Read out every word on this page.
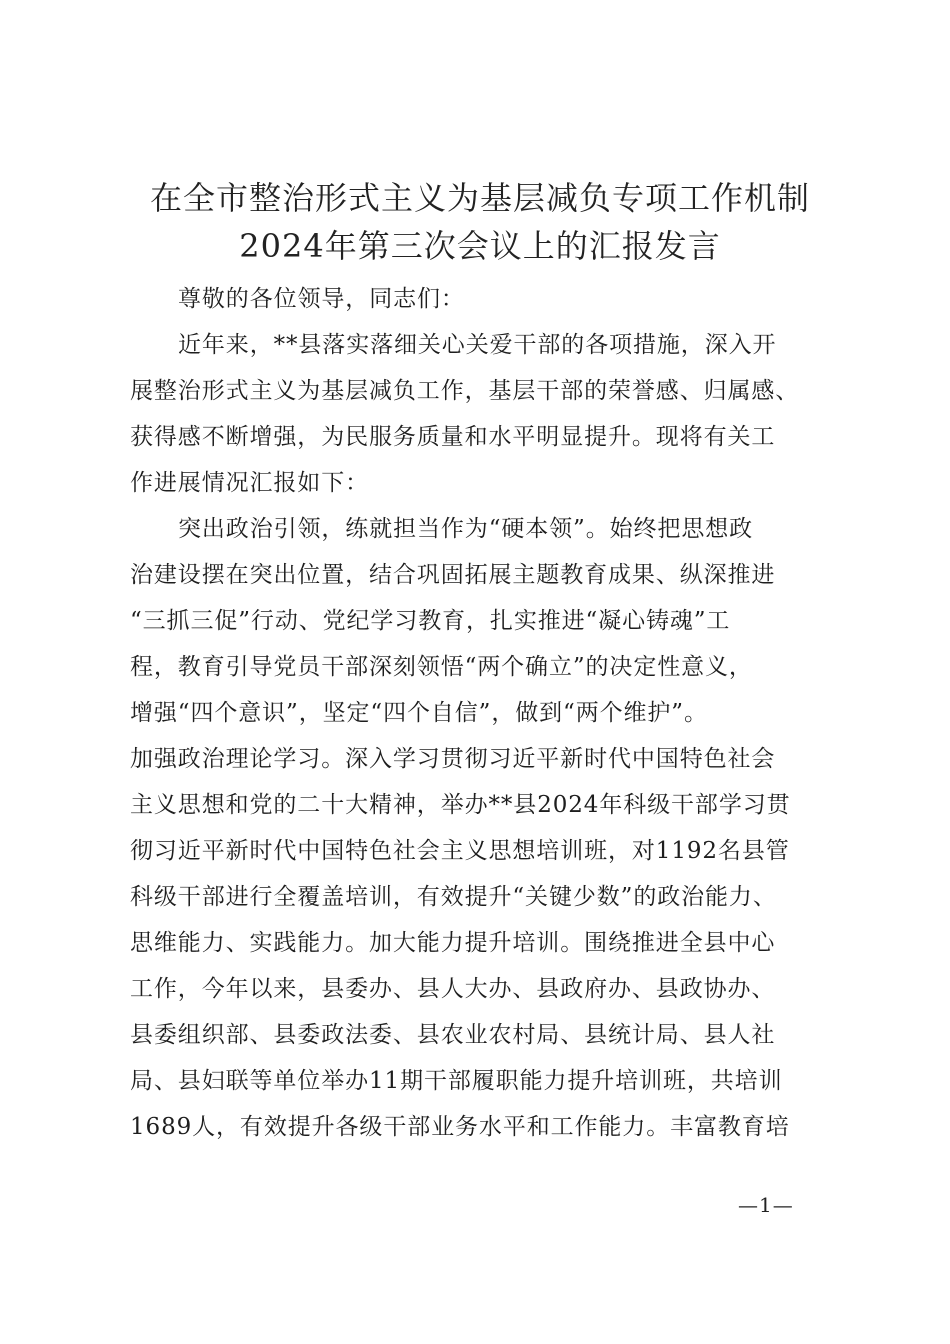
在全市整治形式主义为基层减负专项工作机制
2024年第三次会议上的汇报发言
尊敬的各位领导，同志们：
近年来，**县落实落细关心关爱干部的各项措施，深入开
展整治形式主义为基层减负工作，基层干部的荣誉感、归属感、
获得感不断增强，为民服务质量和水平明显提升。现将有关工
作进展情况汇报如下：
突出政治引领，练就担当作为“硬本领”。始终把思想政
治建设摆在突出位置，结合巩固拓展主题教育成果、纵深推进
“三抓三促”行动、党纪学习教育，扎实推进“凝心铸魂”工
程，教育引导党员干部深刻领悟“两个确立”的决定性意义，
增强“四个意识”，坚定“四个自信”，做到“两个维护”。
加强政治理论学习。深入学习贯彻习近平新时代中国特色社会
主义思想和党的二十大精神，举办**县2024年科级干部学习贯
彻习近平新时代中国特色社会主义思想培训班，对1192名县管
科级干部进行全覆盖培训，有效提升“关键少数”的政治能力、
思维能力、实践能力。加大能力提升培训。围绕推进全县中心
工作，今年以来，县委办、县人大办、县政府办、县政协办、
县委组织部、县委政法委、县农业农村局、县统计局、县人社
局、县妇联等单位举办11期干部履职能力提升培训班，共培训
1689人，有效提升各级干部业务水平和工作能力。丰富教育培
—1—
